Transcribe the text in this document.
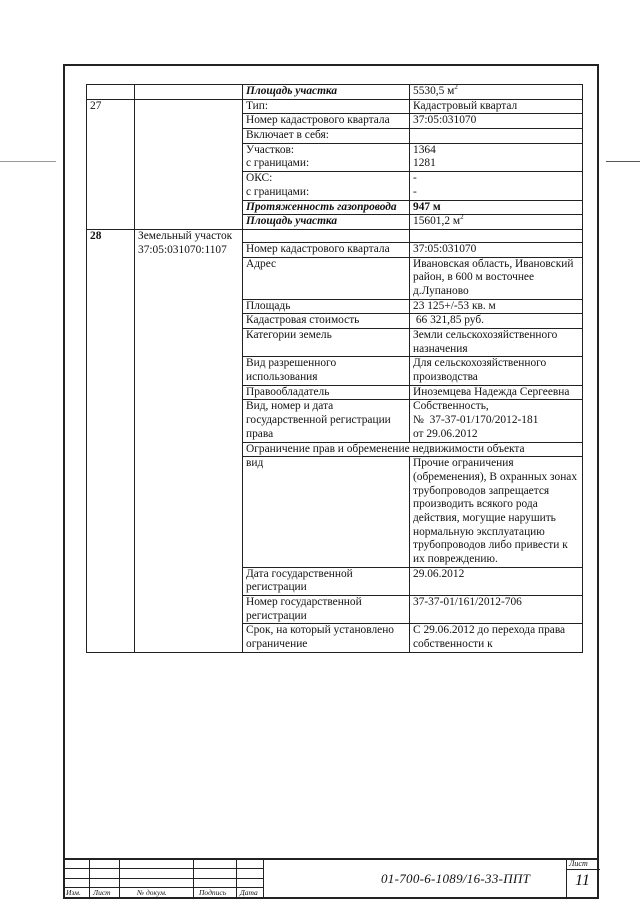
		Площадь участка	5530,5 $м^2$
27		Тип:	Кадастровый квартал
		Номер кадастрового квартала	37:05:031070
		Включает в себя:	
		Участков:	1364
		с границами:	1281
		ОКС:	-
		с границами:	-
		Протяженность газопровода	947 м
		Площадь участка	15601,2 $м^2$

28	Земельный участок 37:05:031070:1107		
		Номер кадастрового квартала	37:05:031070
		Адрес	Ивановская область, Ивановский район, в 600 м восточнее д.Лупаново
		Площадь	23 125+/-53 кв. м
		Кадастровая стоимость	66 321,85 руб.
		Категории земель	Земли сельскохозяйственного назначения
		Вид разрешенного использования	Для сельскохозяйственного производства
		Правообладатель	Иноземцева Надежда Сергеевна
		Вид, номер и дата государственной регистрации права	Собственность,
№  37-37-01/170/2012-181
от 29.06.2012

		Ограничение прав и обременение недвижимости объекта	
		вид	Прочие ограничения (обременения), В охранных зонах трубопроводов запрещается производить всякого рода действия, могущие нарушить нормальную эксплуатацию трубопроводов либо привести к их повреждению.
		Дата государственной регистрации	29.06.2012
		Номер государственной регистрации	37-37-01/161/2012-706
		Срок, на который установлено ограничение	С 29.06.2012 до перехода права собственности к
Изм. Лист	№ докум.	Подпись Дата
01-700-6-1089/16-33-ППТ
Лист
11
